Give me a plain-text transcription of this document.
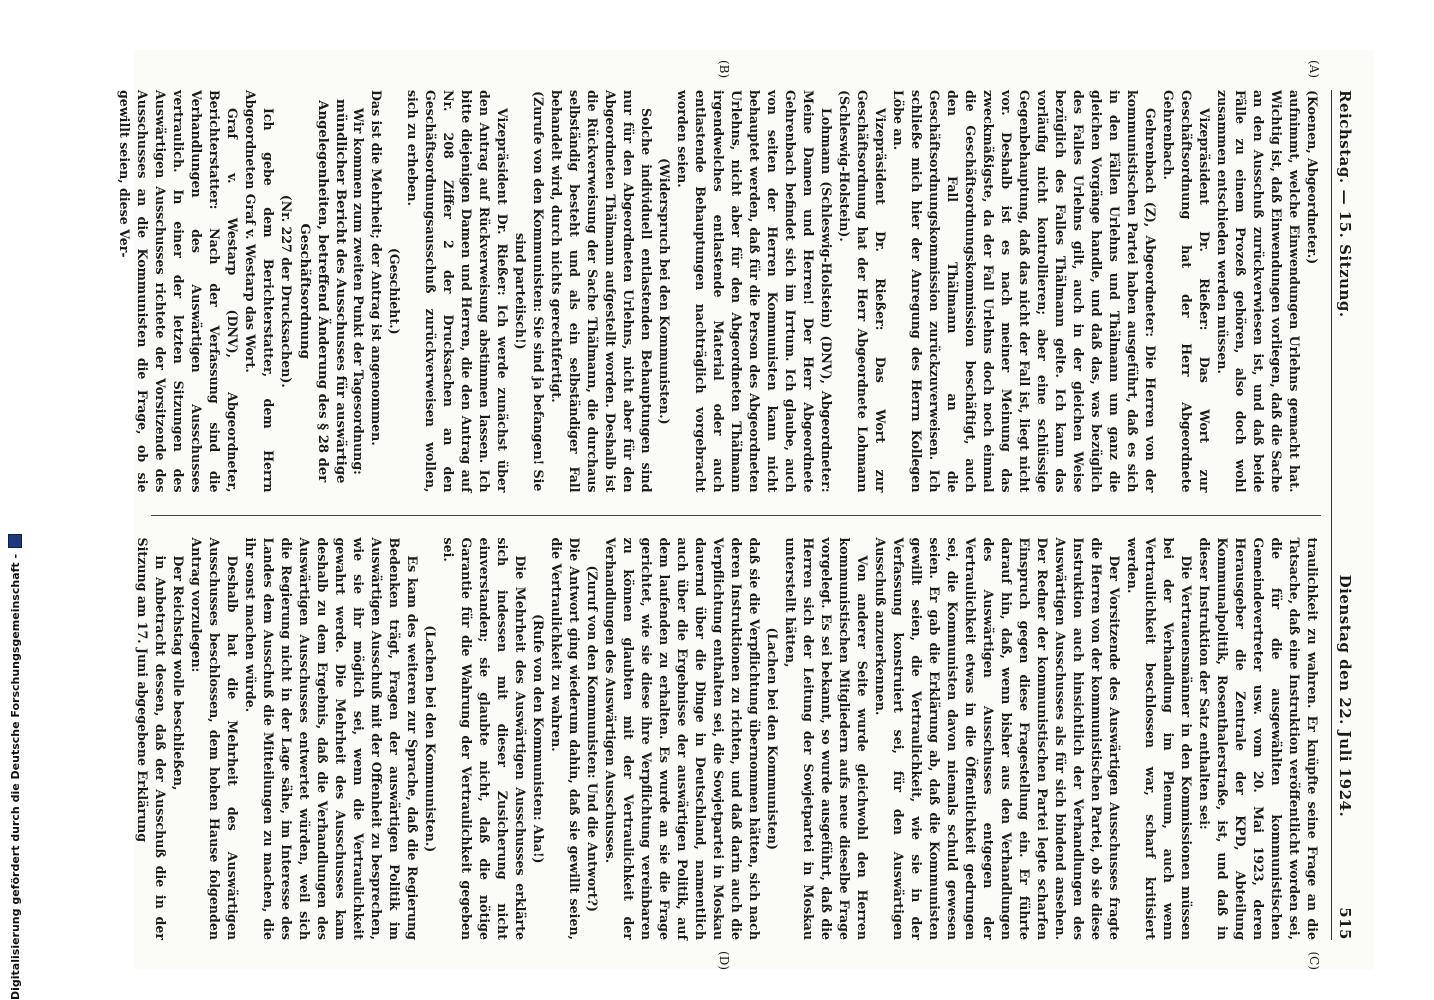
Reichstag.
— 15. Sitzung.
Dienstag den 22. Juli 1924.
515

(Koenen, Abgeordneter.)

aufnimmt, welche Einwendungen Urlehns gemacht hat. Wichtig ist, daß Einwendungen vorliegen, daß die Sache an den Ausschuß zurückverwiesen ist, und daß beide Fälle zu einem Prozeß gehören, also doch wohl zusammen entschieden werden müssen.

Vizepräsident Dr. Rießer: Das Wort zur Geschäftsordnung hat der Herr Abgeordnete Gehrenbach.

Gehrenbach (Z), Abgeordneter: Die Herren von der kommunistischen Partei haben ausgeführt, daß es sich in den Fällen Urlehns und Thälmann um ganz die gleichen Vorgänge handle, und daß das, was bezüglich des Falles Urlehns gilt, auch in der gleichen Weise bezüglich des Falles Thälmann gelte. Ich kann das vorläufig nicht kontrollieren; aber eine schlüssige Gegenbehauptung, daß das nicht der Fall ist, liegt nicht vor. Deshalb ist es nach meiner Meinung das zweckmäßigste, da der Fall Urlehns doch noch einmal die Geschäftsordnungskommission beschäftigt, auch den Fall Thälmann an die Geschäftsordnungskommission zurückzuverweisen. Ich schließe mich hier der Anregung des Herrn Kollegen Löbe an.

Vizepräsident Dr. Rießer: Das Wort zur Geschäftsordnung hat der Herr Abgeordnete Lohmann (Schleswig-Holstein).

Lohmann (Schleswig-Holstein) (DNV), Abgeordneter: Meine Damen und Herren! Der Herr Abgeordnete Gehrenbach befindet sich im Irrtum. Ich glaube, auch von seiten der Herren Kommunisten kann nicht behauptet werden, daß für die Person des Abgeordneten Urlehns, nicht aber für den Abgeordneten Thälmann irgendwelches entlastende Material oder auch entlastende Behauptungen nachträglich vorgebracht worden seien.

(Widerspruch bei den Kommunisten.)

Solche individuell entlastenden Behauptungen sind nur für den Abgeordneten Urlehns, nicht aber für den Abgeordneten Thälmann aufgestellt worden. Deshalb ist die Rückverweisung der Sache Thälmann, die durchaus selbständig besteht und als ein selbständiger Fall behandelt wird, durch nichts gerechtfertigt.

(Zurufe von den Kommunisten: Sie sind ja befangen! Sie sind parteiisch!)

Vizepräsident Dr. Rießer: Ich werde zunächst über den Antrag auf Rückverweisung abstimmen lassen. Ich bitte diejenigen Damen und Herren, die den Antrag auf Nr. 208 Ziffer 2 der Drucksachen an den Geschäftsordnungsausschuß zurückverweisen wollen, sich zu erheben.

(Geschieht.)

Das ist die Mehrheit; der Antrag ist angenommen.

Wir kommen zum zweiten Punkt der Tagesordnung:

mündlicher Bericht des Ausschusses für auswärtige Angelegenheiten, betreffend Änderung des § 28 der Geschäftsordnung

(Nr. 227 der Drucksachen).

Ich gebe dem Berichterstatter, dem Herrn Abgeordneten Graf v. Westarp das Wort.

Graf v. Westarp (DNV), Abgeordneter, Berichterstatter: Nach der Verfassung sind die Verhandlungen des Auswärtigen Ausschusses vertraulich. In einer der letzten Sitzungen des Auswärtigen Ausschusses richtete der Vorsitzende des Ausschusses an die Kommunisten die Frage, ob sie gewillt seien, diese Ver-

traulichkeit zu wahren. Er knüpfte seine Frage an die Tatsache, daß eine Instruktion veröffentlicht worden sei, die für die ausgewählten kommunistischen Gemeindevertreter usw. vom 20. Mai 1923, deren Herausgeber die Zentrale der KPD, Abteilung Kommunalpolitik, Rosenthalerstraße, ist, und daß in dieser Instruktion der Satz enthalten sei:

Die Vertrauensmänner in den Kommissionen müssen bei der Verhandlung im Plenum, auch wenn Vertraulichkeit beschlossen war, scharf kritisiert werden.

Der Vorsitzende des Auswärtigen Ausschusses fragte die Herren von der kommunistischen Partei, ob sie diese Instruktion auch hinsichtlich der Verhandlungen des Auswärtigen Ausschusses als für sich bindend ansehen. Der Redner der kommunistischen Partei legte scharfen Einspruch gegen diese Fragestellung ein. Er führte darauf hin, daß, wenn bisher aus den Verhandlungen des Auswärtigen Ausschusses entgegen der Vertraulichkeit etwas in die Öffentlichkeit gedrungen sei, die Kommunisten davon niemals schuld gewesen seien. Er gab die Erklärung ab, daß die Kommunisten gewillt seien, die Vertraulichkeit, wie sie in der Verfassung konstruiert sei, für den Auswärtigen Ausschuß anzuerkennen.

Von anderer Seite wurde gleichwohl den Herren kommunistischen Mitgliedern aufs neue dieselbe Frage vorgelegt. Es sei bekannt, so wurde ausgeführt, daß die Herren sich der Leitung der Sowjetpartei in Moskau unterstellt hätten,

(Lachen bei den Kommunisten)

daß sie die Verpflichtung übernommen hätten, sich nach deren Instruktionen zu richten, und daß darin auch die Verpflichtung enthalten sei, die Sowjetpartei in Moskau dauernd über die Dinge in Deutschland, namentlich auch über die Ergebnisse der auswärtigen Politik, auf dem laufenden zu erhalten. Es wurde an sie die Frage gerichtet, wie sie diese ihre Verpflichtung vereinbaren zu können glaubten mit der Vertraulichkeit der Verhandlungen des Auswärtigen Ausschusses.

(Zuruf von den Kommunisten: Und die Antwort?)

Die Antwort ging wiederum dahin, daß sie gewillt seien, die Vertraulichkeit zu wahren.

(Rufe von den Kommunisten: Aha!)

Die Mehrheit des Auswärtigen Ausschusses erklärte sich indessen mit dieser Zusicherung nicht einverstanden; sie glaubte nicht, daß die nötige Garantie für die Wahrung der Vertraulichkeit gegeben sei.

(Lachen bei den Kommunisten.)

Es kam des weiteren zur Sprache, daß die Regierung Bedenken trägt, Fragen der auswärtigen Politik im Auswärtigen Ausschuß mit der Offenheit zu besprechen, wie sie ihr möglich sei, wenn die Vertraulichkeit gewahrt werde. Die Mehrheit des Ausschusses kam deshalb zu dem Ergebnis, daß die Verhandlungen des Auswärtigen Ausschusses entwertet würden, weil sich die Regierung nicht in der Lage sähe, im Interesse des Landes dem Ausschuß die Mitteilungen zu machen, die ihr sonst machen würde.

Deshalb hat die Mehrheit des Auswärtigen Ausschusses beschlossen, dem hohen Hause folgenden Antrag vorzulegen:

Der Reichstag wolle beschließen,

in Anbetracht dessen, daß der Ausschuß die in der Sitzung am 17. Juni abgegebene Erklärung

(A)
(B)
(C)
(D)
Digitalisierung gefördert durch die Deutsche Forschungsgemeinschaft -
